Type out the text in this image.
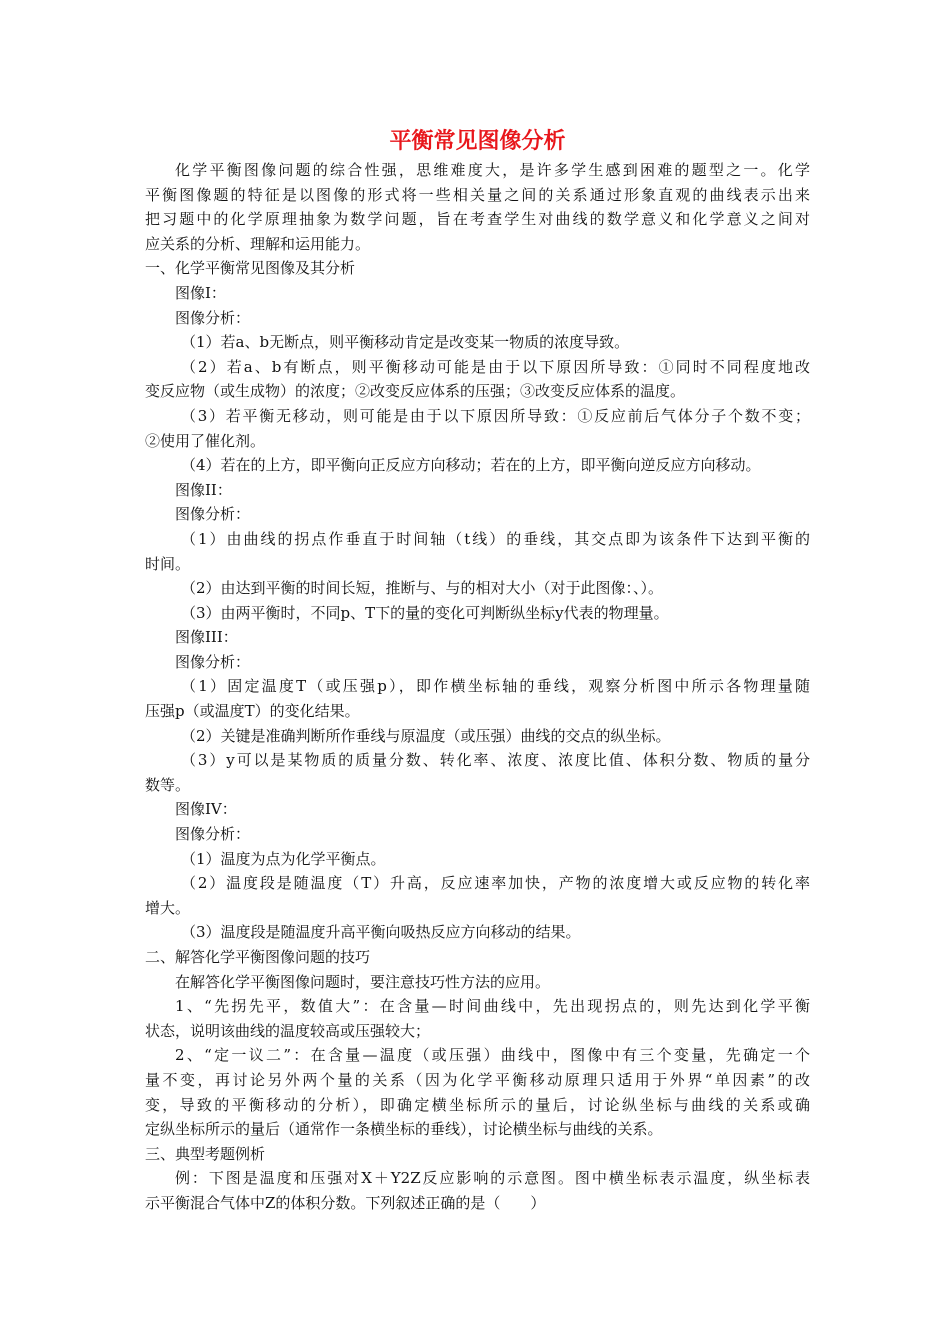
平衡常见图像分析
化学平衡图像问题的综合性强，思维难度大，是许多学生感到困难的题型之一。化学
平衡图像题的特征是以图像的形式将一些相关量之间的关系通过形象直观的曲线表示出来
把习题中的化学原理抽象为数学问题，旨在考查学生对曲线的数学意义和化学意义之间对
应关系的分析、理解和运用能力。
一、化学平衡常见图像及其分析
图像I：
图像分析：
（1）若a、b无断点，则平衡移动肯定是改变某一物质的浓度导致。
（2）若a、b有断点，则平衡移动可能是由于以下原因所导致：①同时不同程度地改
变反应物（或生成物）的浓度；②改变反应体系的压强；③改变反应体系的温度。
（3）若平衡无移动，则可能是由于以下原因所导致：①反应前后气体分子个数不变；
②使用了催化剂。
（4）若在的上方，即平衡向正反应方向移动；若在的上方，即平衡向逆反应方向移动。
图像II：
图像分析：
（1）由曲线的拐点作垂直于时间轴（t线）的垂线，其交点即为该条件下达到平衡的
时间。
（2）由达到平衡的时间长短，推断与、与的相对大小（对于此图像：、）。
（3）由两平衡时，不同p、T下的量的变化可判断纵坐标y代表的物理量。
图像III：
图像分析：
（1）固定温度T（或压强p），即作横坐标轴的垂线，观察分析图中所示各物理量随
压强p（或温度T）的变化结果。
（2）关键是准确判断所作垂线与原温度（或压强）曲线的交点的纵坐标。
（3）y可以是某物质的质量分数、转化率、浓度、浓度比值、体积分数、物质的量分
数等。
图像IV：
图像分析：
（1）温度为点为化学平衡点。
（2）温度段是随温度（T）升高，反应速率加快，产物的浓度增大或反应物的转化率
增大。
（3）温度段是随温度升高平衡向吸热反应方向移动的结果。
二、解答化学平衡图像问题的技巧
在解答化学平衡图像问题时，要注意技巧性方法的应用。
1、“先拐先平，数值大”：在含量—时间曲线中，先出现拐点的，则先达到化学平衡
状态，说明该曲线的温度较高或压强较大；
2、“定一议二”：在含量—温度（或压强）曲线中，图像中有三个变量，先确定一个
量不变，再讨论另外两个量的关系（因为化学平衡移动原理只适用于外界“单因素”的改
变，导致的平衡移动的分析），即确定横坐标所示的量后，讨论纵坐标与曲线的关系或确
定纵坐标所示的量后（通常作一条横坐标的垂线），讨论横坐标与曲线的关系。
三、典型考题例析
例：下图是温度和压强对X＋Y2Z反应影响的示意图。图中横坐标表示温度，纵坐标表
示平衡混合气体中Z的体积分数。下列叙述正确的是（　　）
